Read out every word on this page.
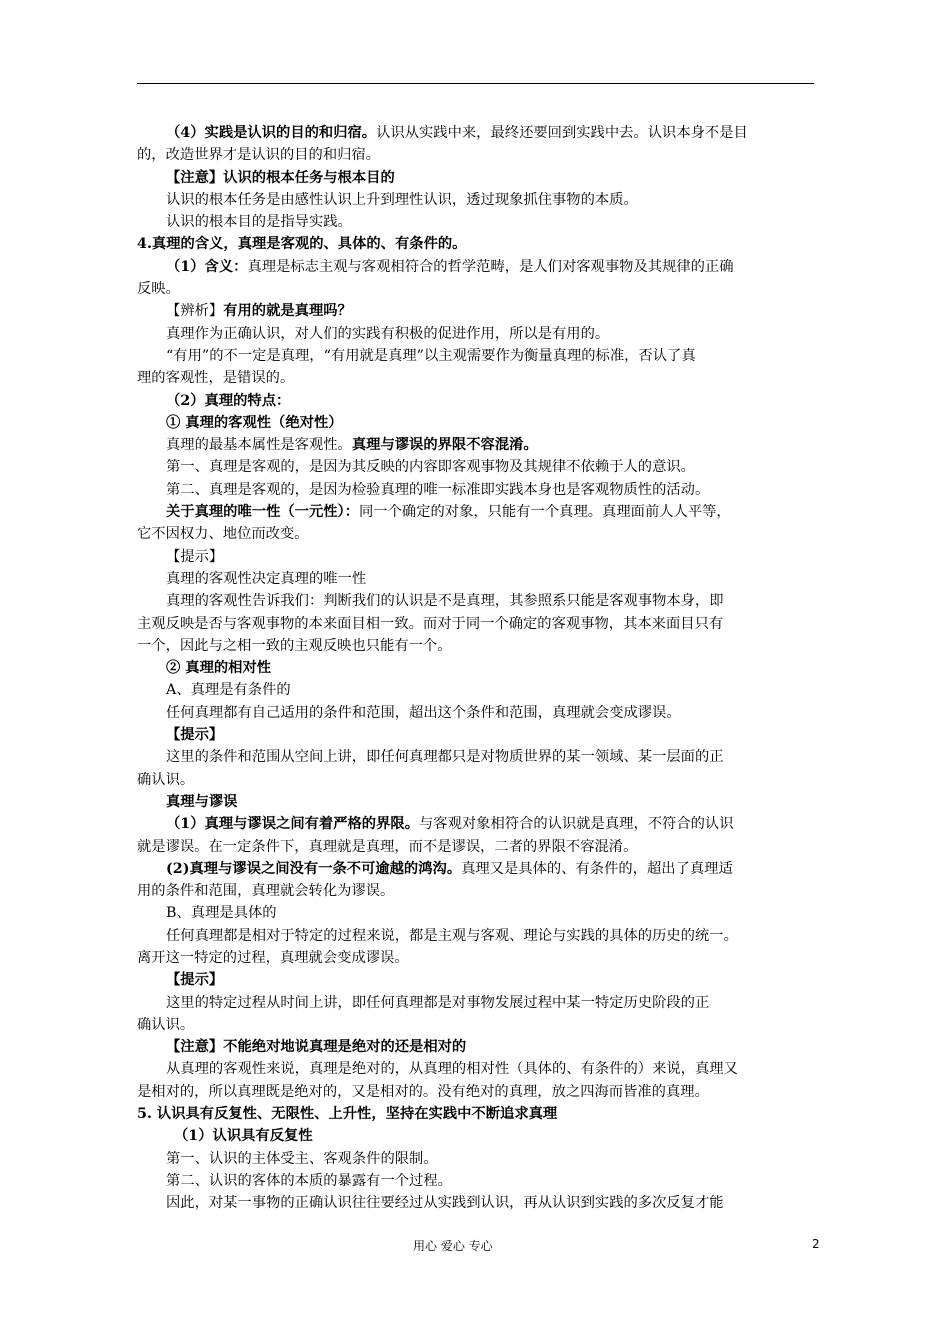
（4）实践是认识的目的和归宿。认识从实践中来，最终还要回到实践中去。认识本身不是目

的，改造世界才是认识的目的和归宿。

【注意】认识的根本任务与根本目的

认识的根本任务是由感性认识上升到理性认识，透过现象抓住事物的本质。

认识的根本目的是指导实践。

4.真理的含义，真理是客观的、具体的、有条件的。

（1）含义：真理是标志主观与客观相符合的哲学范畴，是人们对客观事物及其规律的正确

反映。

【辨析】有用的就是真理吗？

真理作为正确认识，对人们的实践有积极的促进作用，所以是有用的。

“有用”的不一定是真理，“有用就是真理”以主观需要作为衡量真理的标准，否认了真

理的客观性，是错误的。

（2）真理的特点：

① 真理的客观性（绝对性）

真理的最基本属性是客观性。真理与谬误的界限不容混淆。

第一、真理是客观的，是因为其反映的内容即客观事物及其规律不依赖于人的意识。

第二、真理是客观的，是因为检验真理的唯一标准即实践本身也是客观物质性的活动。

关于真理的唯一性（一元性）：同一个确定的对象，只能有一个真理。真理面前人人平等，

它不因权力、地位而改变。

【提示】

真理的客观性决定真理的唯一性

真理的客观性告诉我们：判断我们的认识是不是真理，其参照系只能是客观事物本身，即

主观反映是否与客观事物的本来面目相一致。而对于同一个确定的客观事物，其本来面目只有

一个，因此与之相一致的主观反映也只能有一个。

② 真理的相对性

A、真理是有条件的

任何真理都有自己适用的条件和范围，超出这个条件和范围，真理就会变成谬误。

【提示】

这里的条件和范围从空间上讲，即任何真理都只是对物质世界的某一领域、某一层面的正

确认识。

真理与谬误

（1）真理与谬误之间有着严格的界限。与客观对象相符合的认识就是真理，不符合的认识

就是谬误。在一定条件下，真理就是真理，而不是谬误，二者的界限不容混淆。

(2)真理与谬误之间没有一条不可逾越的鸿沟。真理又是具体的、有条件的，超出了真理适

用的条件和范围，真理就会转化为谬误。

B、真理是具体的

任何真理都是相对于特定的过程来说，都是主观与客观、理论与实践的具体的历史的统一。

离开这一特定的过程，真理就会变成谬误。

【提示】

这里的特定过程从时间上讲，即任何真理都是对事物发展过程中某一特定历史阶段的正

确认识。

【注意】不能绝对地说真理是绝对的还是相对的

从真理的客观性来说，真理是绝对的，从真理的相对性（具体的、有条件的）来说，真理又

是相对的，所以真理既是绝对的，又是相对的。没有绝对的真理，放之四海而皆准的真理。

5. 认识具有反复性、无限性、上升性，坚持在实践中不断追求真理

（1）认识具有反复性

第一、认识的主体受主、客观条件的限制。

第二、认识的客体的本质的暴露有一个过程。

因此，对某一事物的正确认识往往要经过从实践到认识，再从认识到实践的多次反复才能

用心 爱心 专心	2
